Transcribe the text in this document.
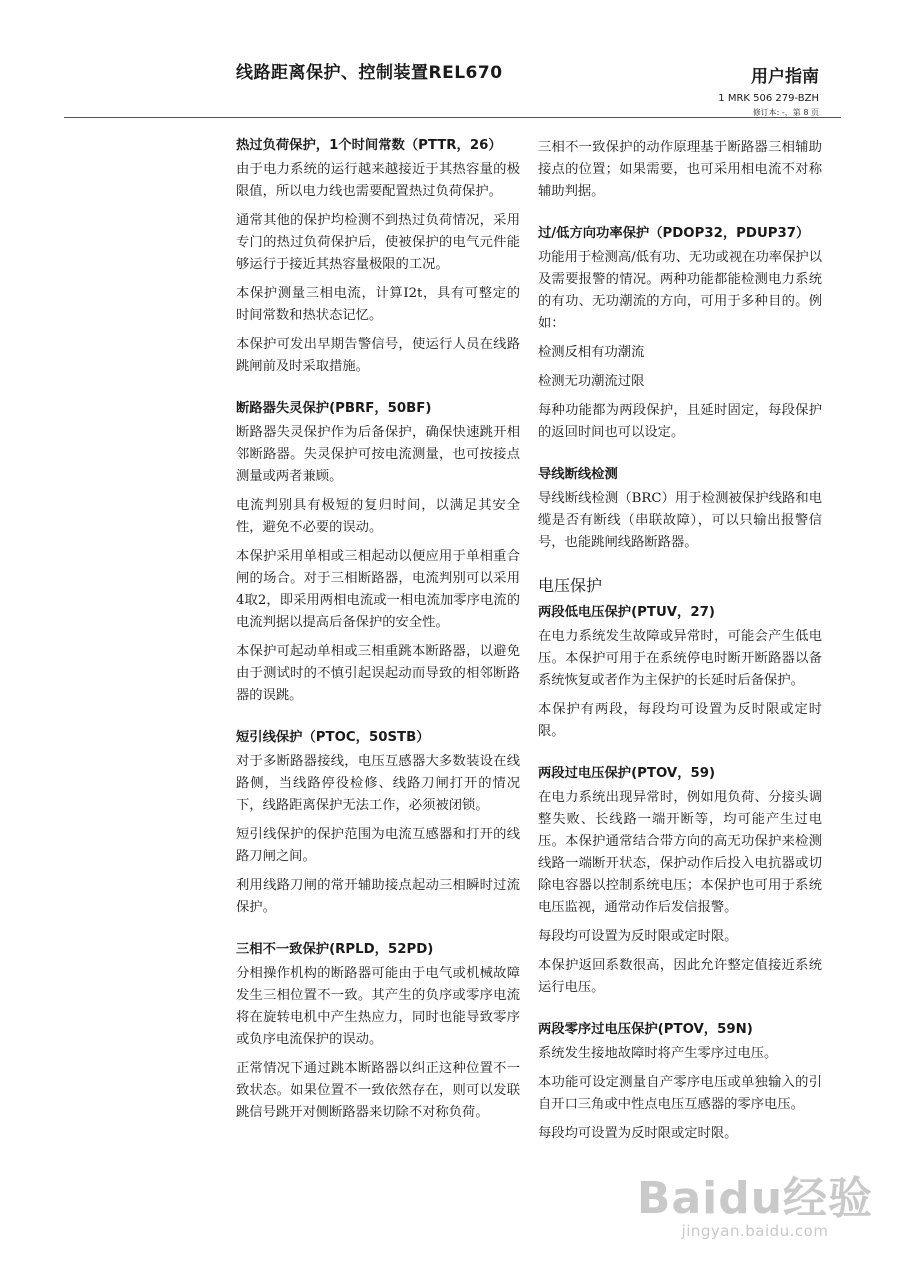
线路距离保护、控制装置REL670	用户指南
1 MRK 506 279-BZH
修订本: -，第 8 页
热过负荷保护，1个时间常数（PTTR，26）

由于电力系统的运行越来越接近于其热容量的极限值，所以电力线也需要配置热过负荷保护。

通常其他的保护均检测不到热过负荷情况，采用专门的热过负荷保护后，使被保护的电气元件能够运行于接近其热容量极限的工况。

本保护测量三相电流，计算I2t，具有可整定的时间常数和热状态记忆。

本保护可发出早期告警信号，使运行人员在线路跳闸前及时采取措施。

断路器失灵保护(PBRF，50BF)

断路器失灵保护作为后备保护，确保快速跳开相邻断路器。失灵保护可按电流测量，也可按接点测量或两者兼顾。

电流判别具有极短的复归时间，以满足其安全性，避免不必要的误动。

本保护采用单相或三相起动以便应用于单相重合闸的场合。对于三相断路器，电流判别可以采用4取2，即采用两相电流或一相电流加零序电流的电流判据以提高后备保护的安全性。

本保护可起动单相或三相重跳本断路器，以避免由于测试时的不慎引起误起动而导致的相邻断路器的误跳。

短引线保护（PTOC，50STB）

对于多断路器接线，电压互感器大多数装设在线路侧，当线路停役检修、线路刀闸打开的情况下，线路距离保护无法工作，必须被闭锁。

短引线保护的保护范围为电流互感器和打开的线路刀闸之间。

利用线路刀闸的常开辅助接点起动三相瞬时过流保护。

三相不一致保护(RPLD，52PD)

分相操作机构的断路器可能由于电气或机械故障发生三相位置不一致。其产生的负序或零序电流将在旋转电机中产生热应力，同时也能导致零序或负序电流保护的误动。

正常情况下通过跳本断路器以纠正这种位置不一致状态。如果位置不一致依然存在，则可以发联跳信号跳开对侧断路器来切除不对称负荷。

三相不一致保护的动作原理基于断路器三相辅助接点的位置；如果需要，也可采用相电流不对称辅助判据。

过/低方向功率保护（PDOP32，PDUP37）

功能用于检测高/低有功、无功或视在功率保护以及需要报警的情况。两种功能都能检测电力系统的有功、无功潮流的方向，可用于多种目的。例如：

检测反相有功潮流

检测无功潮流过限

每种功能都为两段保护，且延时固定，每段保护的返回时间也可以设定。

导线断线检测

导线断线检测（BRC）用于检测被保护线路和电缆是否有断线（串联故障），可以只输出报警信号，也能跳闸线路断路器。

电压保护
两段低电压保护(PTUV，27)

在电力系统发生故障或异常时，可能会产生低电压。本保护可用于在系统停电时断开断路器以备系统恢复或者作为主保护的长延时后备保护。

本保护有两段，每段均可设置为反时限或定时限。

两段过电压保护(PTOV，59)

在电力系统出现异常时，例如甩负荷、分接头调整失败、长线路一端开断等，均可能产生过电压。本保护通常结合带方向的高无功保护来检测线路一端断开状态，保护动作后投入电抗器或切除电容器以控制系统电压；本保护也可用于系统电压监视，通常动作后发信报警。

每段均可设置为反时限或定时限。

本保护返回系数很高，因此允许整定值接近系统运行电压。

两段零序过电压保护(PTOV，59N)

系统发生接地故障时将产生零序过电压。

本功能可设定测量自产零序电压或单独输入的引自开口三角或中性点电压互感器的零序电压。

每段均可设置为反时限或定时限。

Baidu经验
jingyan.baidu.com
